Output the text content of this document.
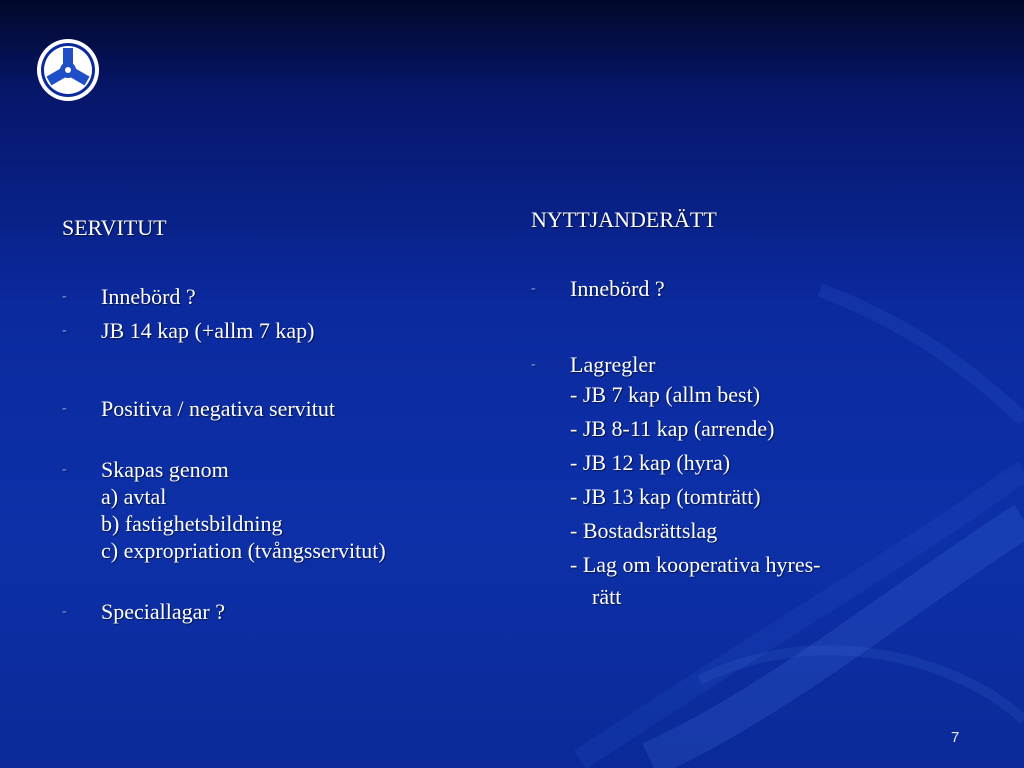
SERVITUT
- Innebörd ?
- JB 14 kap (+allm 7 kap)
- Positiva / negativa servitut
- Skapas genom
a) avtal
b) fastighetsbildning
c) expropriation (tvångsservitut)
- Speciallagar ?
NYTTJANDERÄTT
- Innebörd ?
- Lagregler
- JB 7 kap (allm best)
- JB 8-11 kap (arrende)
- JB 12 kap (hyra)
- JB 13 kap (tomträtt)
- Bostadsrättslag
- Lag om kooperativa hyres-
rätt
7
